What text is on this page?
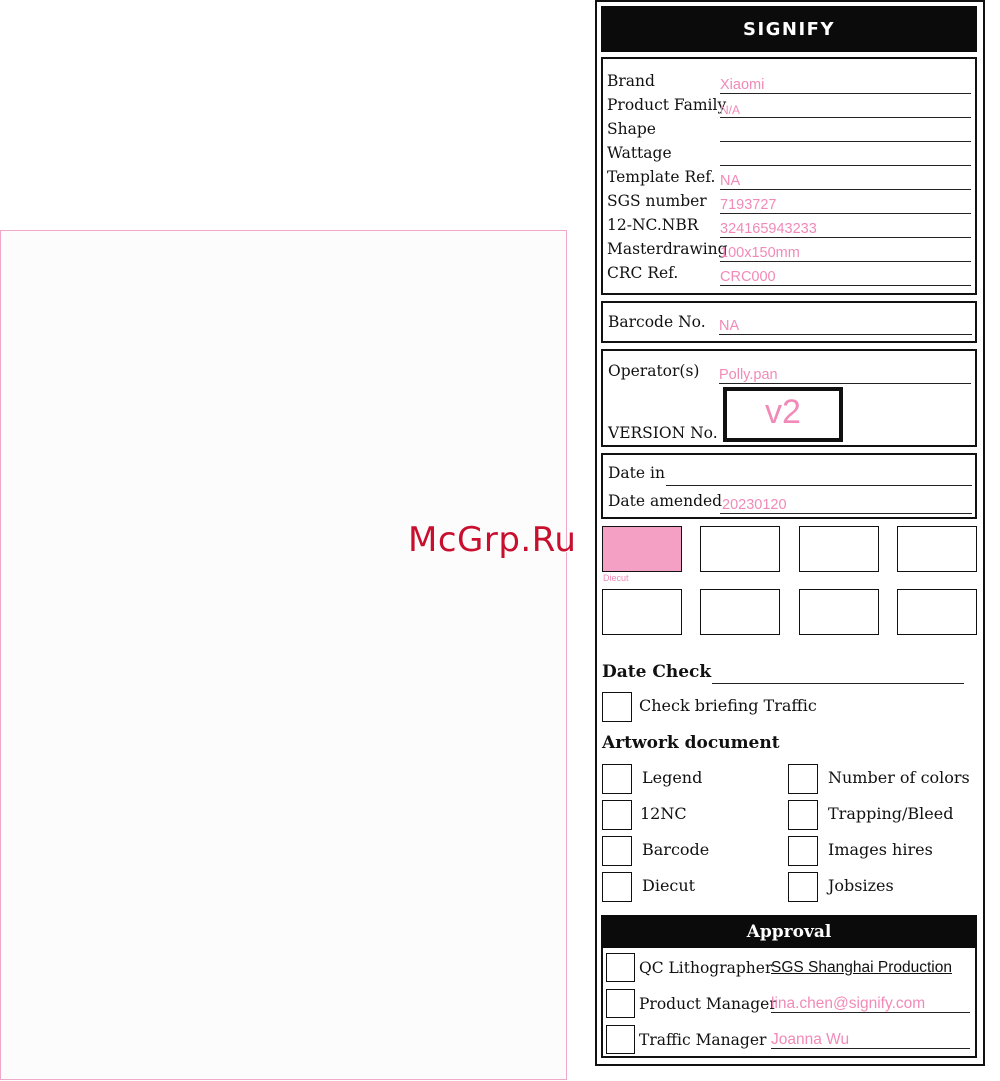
McGrp.Ru
SIGNIFY
Brand	Xiaomi
Product Family
N/A
Shape
Wattage
Template Ref. NA
SGS number 7193727
12-NC.NBR 324165943233
Masterdrawing
100x150mm
CRC Ref.	CRC000
Barcode No. NA
Operator(s) Polly.pan
VERSION No.
v2
Date in
Date amended 20230120
Diecut
Date Check
Check briefing Traffic
Artwork document
Legend
12NC
Barcode
Diecut
Number of colors
Trapping/Bleed
Images hires
Jobsizes
Approval
QC Lithographer
SGS Shanghai Production
Product Manager
lina.chen@signify.com
Traffic Manager Joanna Wu
